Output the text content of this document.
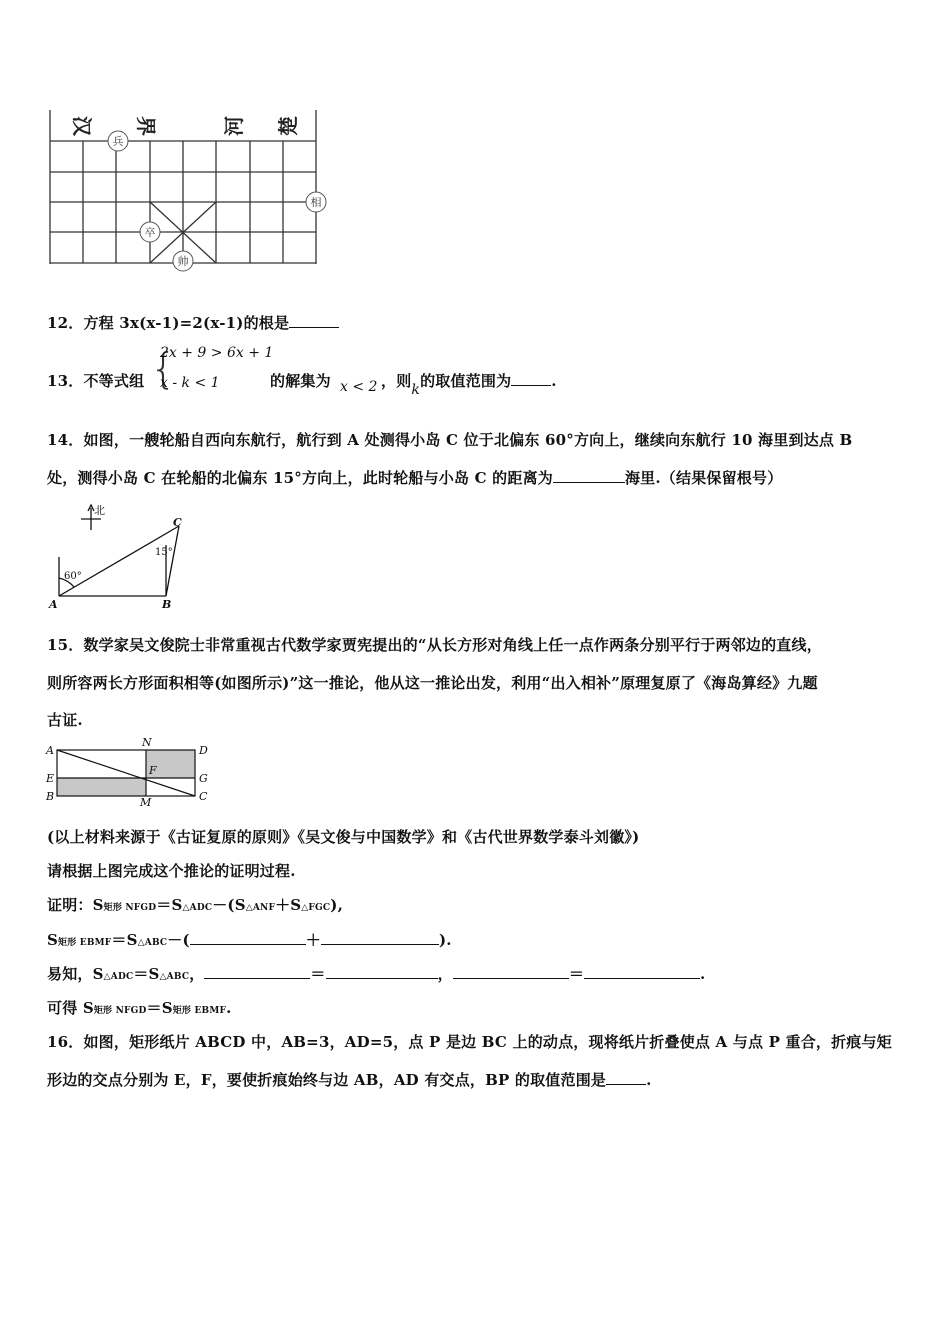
汉 界	河 楚
兵
相
卒
帅
12．方程 3x(x-1)=2(x-1)的根是
13．不等式组 {
2x + 9 > 6x + 1
x - k < 1	的解集为 x < 2 ，则k的取值范围为	.
14．如图，一艘轮船自西向东航行，航行到 A 处测得小岛 C 位于北偏东 60°方向上，继续向东航行 10 海里到达点 B
处，测得小岛 C 在轮船的北偏东 15°方向上，此时轮船与小岛 C 的距离为	海里.（结果保留根号）
北
A	B
C
60°
15°
15．数学家吴文俊院士非常重视古代数学家贾宪提出的“从长方形对角线上任一点作两条分别平行于两邻边的直线，
则所容两长方形面积相等(如图所示)”这一推论，他从这一推论出发，利用“出入相补”原理复原了《海岛算经》九题
古证.
A
N
D
E
F
G
B	M	C
(以上材料来源于《古证复原的原则》《吴文俊与中国数学》和《古代世界数学泰斗刘徽》)
请根据上图完成这个推论的证明过程.
证明：S矩形 NFGD＝S△ADC－(S△ANF＋S△FGC),
S矩形 EBMF＝S△ABC－(	＋	).
易知，S△ADC＝S△ABC，	＝	，	＝	.
可得 S矩形 NFGD＝S矩形 EBMF.
16．如图，矩形纸片 ABCD 中，AB=3，AD=5，点 P 是边 BC 上的动点，现将纸片折叠使点 A 与点 P 重合，折痕与矩
形边的交点分别为 E，F，要使折痕始终与边 AB，AD 有交点，BP 的取值范围是	.
